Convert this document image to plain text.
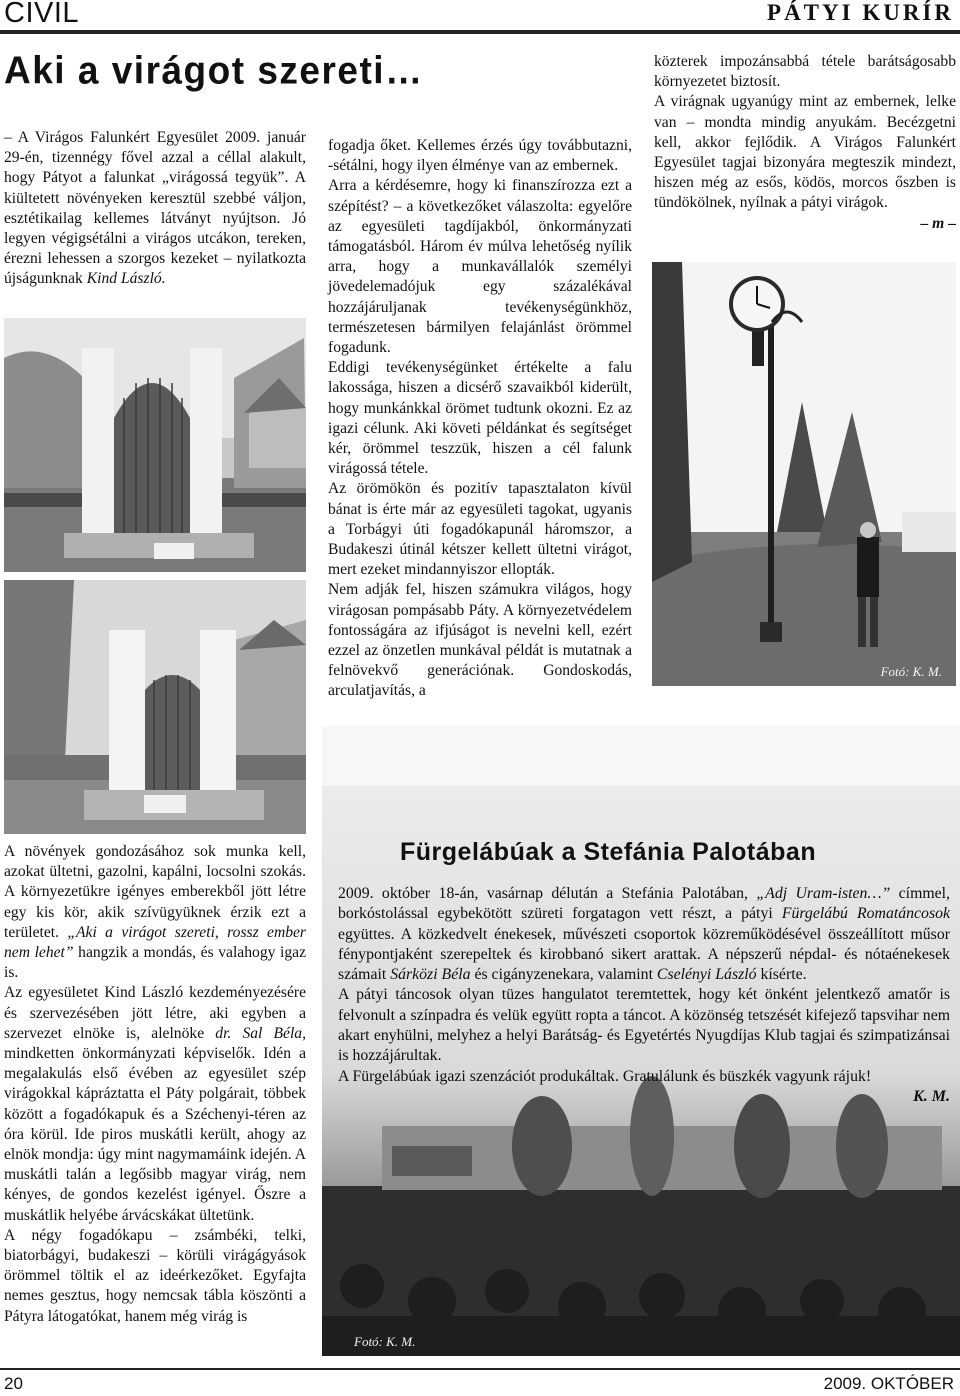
CIVIL	PÁTYI KURÍR
Aki a virágot szereti…

– A Virágos Falunkért Egyesület 2009. január 29-én, tizennégy fővel azzal a céllal alakult, hogy Pátyot a falunkat „virágossá tegyük”. A kiültetett növényeken keresztül szebbé váljon, esztétikailag kellemes látványt nyújtson. Jó legyen végigsétálni a virágos utcákon, tereken, érezni lehessen a szorgos kezeket – nyilatkozta újságunknak Kind László.

A növények gondozásához sok munka kell, azokat ültetni, gazolni, kapálni, locsolni szokás. A környezetükre igényes emberekből jött létre egy kis kör, akik szívügyüknek érzik ezt a területet. „Aki a virágot szereti, rossz ember nem lehet” hangzik a mondás, és valahogy igaz is.

Az egyesületet Kind László kezdeményezésére és szervezésében jött létre, aki egyben a szervezet elnöke is, alelnöke dr. Sal Béla, mindketten önkormányzati képviselők. Idén a megalakulás első évében az egyesület szép virágokkal kápráztatta el Páty polgárait, többek között a fogadókapuk és a Széchenyi-téren az óra körül. Ide piros muskátli került, ahogy az elnök mondja: úgy mint nagymamáink idején. A muskátli talán a legősibb magyar virág, nem kényes, de gondos kezelést igényel. Őszre a muskátlik helyébe árvácskákat ültetünk.

A négy fogadókapu – zsámbéki, telki, biatorbágyi, budakeszi – körüli virágágyások örömmel töltik el az ideérkezőket. Egyfajta nemes gesztus, hogy nemcsak tábla köszönti a Pátyra látogatókat, hanem még virág is

fogadja őket. Kellemes érzés úgy továbbutazni, -sétálni, hogy ilyen élménye van az embernek.

Arra a kérdésemre, hogy ki finanszírozza ezt a szépítést? – a következőket válaszolta: egyelőre az egyesületi tagdíjakból, önkormányzati támogatásból. Három év múlva lehetőség nyílik arra, hogy a munkavállalók személyi jövedelemadójuk egy százalékával hozzájáruljanak tevékenységünkhöz, természetesen bármilyen felajánlást örömmel fogadunk.

Eddigi tevékenységünket értékelte a falu lakossága, hiszen a dicsérő szavaikból kiderült, hogy munkánkkal örömet tudtunk okozni. Ez az igazi célunk. Aki követi példánkat és segítséget kér, örömmel teszzük, hiszen a cél falunk virágossá tétele.

Az örömökön és pozitív tapasztalaton kívül bánat is érte már az egyesületi tagokat, ugyanis a Torbágyi úti fogadókapunál háromszor, a Budakeszi útinál kétszer kellett ültetni virágot, mert ezeket mindannyiszor ellopták.

Nem adják fel, hiszen számukra világos, hogy virágosan pompásabb Páty. A környezetvédelem fontosságára az ifjúságot is nevelni kell, ezért ezzel az önzetlen munkával példát is mutatnak a felnövekvő generációnak. Gondoskodás, arculatjavítás, a

közterek impozánsabbá tétele barátságosabb környezetet biztosít.

A virágnak ugyanúgy mint az embernek, lelke van – mondta mindig anyukám. Becézgetni kell, akkor fejlődik. A Virágos Falunkért Egyesület tagjai bizonyára megteszik mindezt, hiszen még az esős, ködös, morcos őszben is tündökölnek, nyílnak a pátyi virágok.

– m –

Fotó: K. M.
Fotó: K. M.
Fürgelábúak a Stefánia Palotában

2009. október 18-án, vasárnap délután a Stefánia Palotában, „Adj Uram-isten…” címmel, borkóstolással egybekötött szüreti forgatagon vett részt, a pátyi Fürgelábú Romatáncosok együttes. A közkedvelt énekesek, művészeti csoportok közreműködésével összeállított műsor fénypontjaként szerepeltek és kirobbanó sikert arattak. A népszerű népdal- és nótaénekesek számait Sárközi Béla és cigányzenekara, valamint Cselényi László kísérte.

A pátyi táncosok olyan tüzes hangulatot teremtettek, hogy két önként jelentkező amatőr is felvonult a színpadra és velük együtt ropta a táncot. A közönség tetszését kifejező tapsvihar nem akart enyhülni, melyhez a helyi Barátság- és Egyetértés Nyugdíjas Klub tagjai és szimpatizánsai is hozzájárultak.

A Fürgelábúak igazi szenzációt produkáltak. Gratulálunk és büszkék vagyunk rájuk!

K. M.

20	2009. OKTÓBER
